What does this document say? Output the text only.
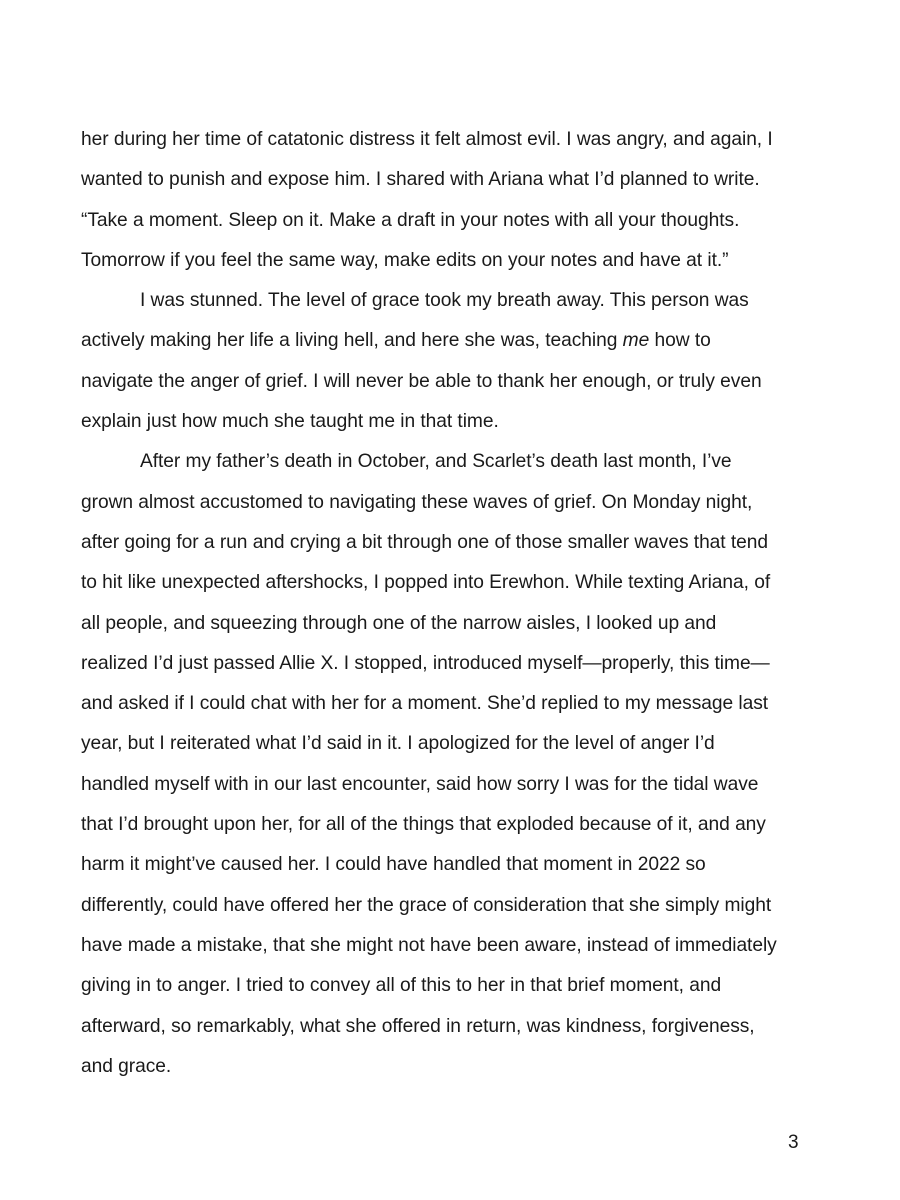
her during her time of catatonic distress it felt almost evil. I was angry, and again, I
wanted to punish and expose him. I shared with Ariana what I’d planned to write.
“Take a moment. Sleep on it. Make a draft in your notes with all your thoughts.
Tomorrow if you feel the same way, make edits on your notes and have at it.”
I was stunned. The level of grace took my breath away. This person was
actively making her life a living hell, and here she was, teaching me how to
navigate the anger of grief. I will never be able to thank her enough, or truly even
explain just how much she taught me in that time.
After my father’s death in October, and Scarlet’s death last month, I’ve
grown almost accustomed to navigating these waves of grief. On Monday night,
after going for a run and crying a bit through one of those smaller waves that tend
to hit like unexpected aftershocks, I popped into Erewhon. While texting Ariana, of
all people, and squeezing through one of the narrow aisles, I looked up and
realized I’d just passed Allie X. I stopped, introduced myself—properly, this time—
and asked if I could chat with her for a moment. She’d replied to my message last
year, but I reiterated what I’d said in it. I apologized for the level of anger I’d
handled myself with in our last encounter, said how sorry I was for the tidal wave
that I’d brought upon her, for all of the things that exploded because of it, and any
harm it might’ve caused her. I could have handled that moment in 2022 so
differently, could have offered her the grace of consideration that she simply might
have made a mistake, that she might not have been aware, instead of immediately
giving in to anger. I tried to convey all of this to her in that brief moment, and
afterward, so remarkably, what she offered in return, was kindness, forgiveness,
and grace.
3
